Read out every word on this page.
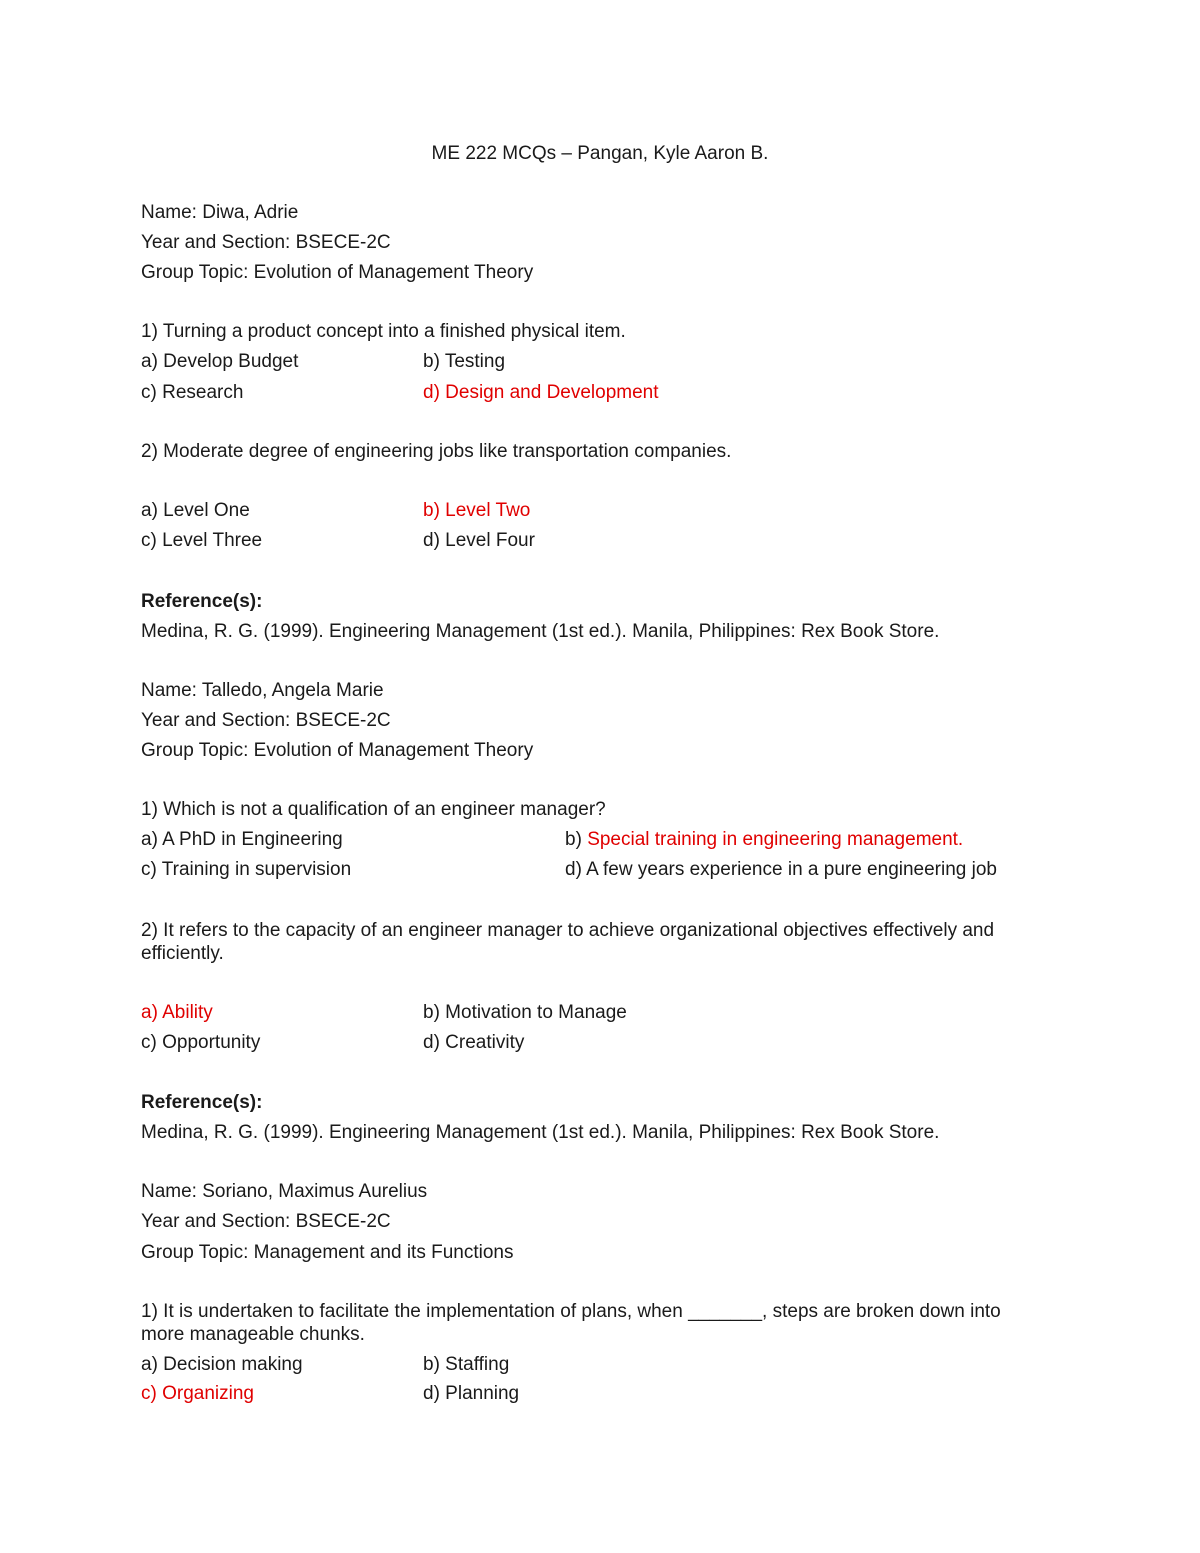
ME 222 MCQs – Pangan, Kyle Aaron B.
Name: Diwa, Adrie
Year and Section: BSECE-2C
Group Topic: Evolution of Management Theory
1) Turning a product concept into a finished physical item.
a) Develop Budget	b) Testing
c) Research	d) Design and Development
2) Moderate degree of engineering jobs like transportation companies.
a) Level One	b) Level Two
c) Level Three	d) Level Four
Reference(s):
Medina, R. G. (1999). Engineering Management (1st ed.). Manila, Philippines: Rex Book Store.
Name: Talledo, Angela Marie
Year and Section: BSECE-2C
Group Topic: Evolution of Management Theory
1) Which is not a qualification of an engineer manager?
a) A PhD in Engineering	b) Special training in engineering management.
c) Training in supervision	d) A few years experience in a pure engineering job
2) It refers to the capacity of an engineer manager to achieve organizational objectives effectively and
efficiently.
a) Ability	b) Motivation to Manage
c) Opportunity	d) Creativity
Reference(s):
Medina, R. G. (1999). Engineering Management (1st ed.). Manila, Philippines: Rex Book Store.
Name: Soriano, Maximus Aurelius
Year and Section: BSECE-2C
Group Topic: Management and its Functions
1) It is undertaken to facilitate the implementation of plans, when _______, steps are broken down into
more manageable chunks.
a) Decision making	b) Staffing
c) Organizing	d) Planning
